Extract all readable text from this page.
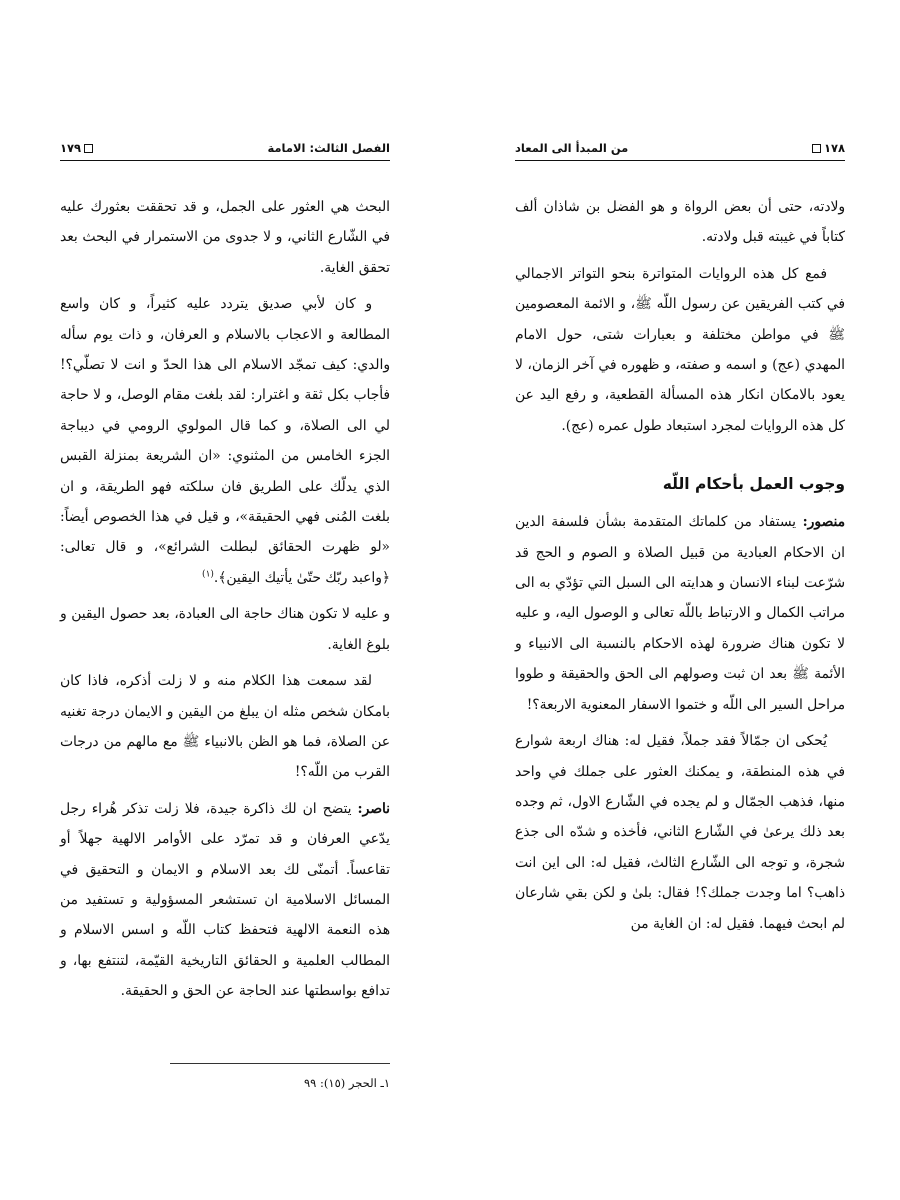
الفصل الثالث: الامامة
١٧٩

البحث هي العثور على الجمل، و قد تحققت بعثورك عليه في الشّارع الثاني، و لا جدوى من الاستمرار في البحث بعد تحقق الغاية.

و كان لأبي صديق يتردد عليه كثيراً، و كان واسع المطالعة و الاعجاب بالاسلام و العرفان، و ذات يوم سأله والدي: كيف تمجّد الاسلام الى هذا الحدّ و انت لا تصلّي؟! فأجاب بكل ثقة و اغترار: لقد بلغت مقام الوصل، و لا حاجة لي الى الصلاة، و كما قال المولوي الرومي في ديباجة الجزء الخامس من المثنوي: «ان الشريعة بمنزلة القبس الذي يدلّك على الطريق فان سلكته فهو الطريقة، و ان بلغت المُنى فهي الحقيقة»، و قيل في هذا الخصوص أيضاً: «لو ظهرت الحقائق لبطلت الشرائع»، و قال تعالى: ﴿واعبد ربّك حتّىٰ يأتيك اليقين﴾.$^{(١)}$

و عليه لا تكون هناك حاجة الى العبادة، بعد حصول اليقين و بلوغ الغاية.

لقد سمعت هذا الكلام منه و لا زلت أذكره، فاذا كان بامكان شخص مثله ان يبلغ من اليقين و الايمان درجة تغنيه عن الصلاة، فما هو الظن بالانبياء ﷺ مع مالهم من درجات القرب من اللّه؟!

ناصر: يتضح ان لك ذاكرة جيدة، فلا زلت تذكر هُراء رجل يدّعي العرفان و قد تمرّد على الأوامر الالهية جهلاً أو تقاعساً. أتمنّى لك بعد الاسلام و الايمان و التحقيق في المسائل الاسلامية ان تستشعر المسؤولية و تستفيد من هذه النعمة الالهية فتحفظ كتاب اللّه و اسس الاسلام و المطالب العلمية و الحقائق التاريخية القيّمة، لتنتفع بها، و تدافع بواسطتها عند الحاجة عن الحق و الحقيقة.

١ـ الحجر (١٥): ٩٩
١٧٨
من المبدأ الى المعاد

ولادته، حتى أن بعض الرواة و هو الفضل بن شاذان ألف كتاباً في غيبته قبل ولادته.

فمع كل هذه الروايات المتواترة بنحو التواتر الاجمالي في كتب الفريقين عن رسول اللّه ﷺ، و الائمة المعصومين ﷺ في مواطن مختلفة و بعبارات شتى، حول الامام المهدي (عج) و اسمه و صفته، و ظهوره في آخر الزمان، لا يعود بالامكان انكار هذه المسألة القطعية، و رفع اليد عن كل هذه الروايات لمجرد استبعاد طول عمره (عج).

وجوب العمل بأحكام اللّه

منصور: يستفاد من كلماتك المتقدمة بشأن فلسفة الدين ان الاحكام العبادية من قبيل الصلاة و الصوم و الحج قد شرّعت لبناء الانسان و هدايته الى السبل التي تؤدّي به الى مراتب الكمال و الارتباط باللّه تعالى و الوصول اليه، و عليه لا تكون هناك ضرورة لهذه الاحكام بالنسبة الى الانبياء و الأئمة ﷺ بعد ان ثبت وصولهم الى الحق والحقيقة و طووا مراحل السير الى اللّه و ختموا الاسفار المعنوية الاربعة؟!

يُحكى ان جمّالاً فقد جملاً، فقيل له: هناك اربعة شوارع في هذه المنطقة، و يمكنك العثور على جملك في واحد منها، فذهب الجمّال و لم يجده في الشّارع الاول، ثم وجده بعد ذلك يرعىٰ في الشّارع الثاني، فأخذه و شدّه الى جذع شجرة، و توجه الى الشّارع الثالث، فقيل له: الى اين انت ذاهب؟ اما وجدت جملك؟! فقال: بلىٰ و لكن بقي شارعان لم ابحث فيهما. فقيل له: ان الغاية من
